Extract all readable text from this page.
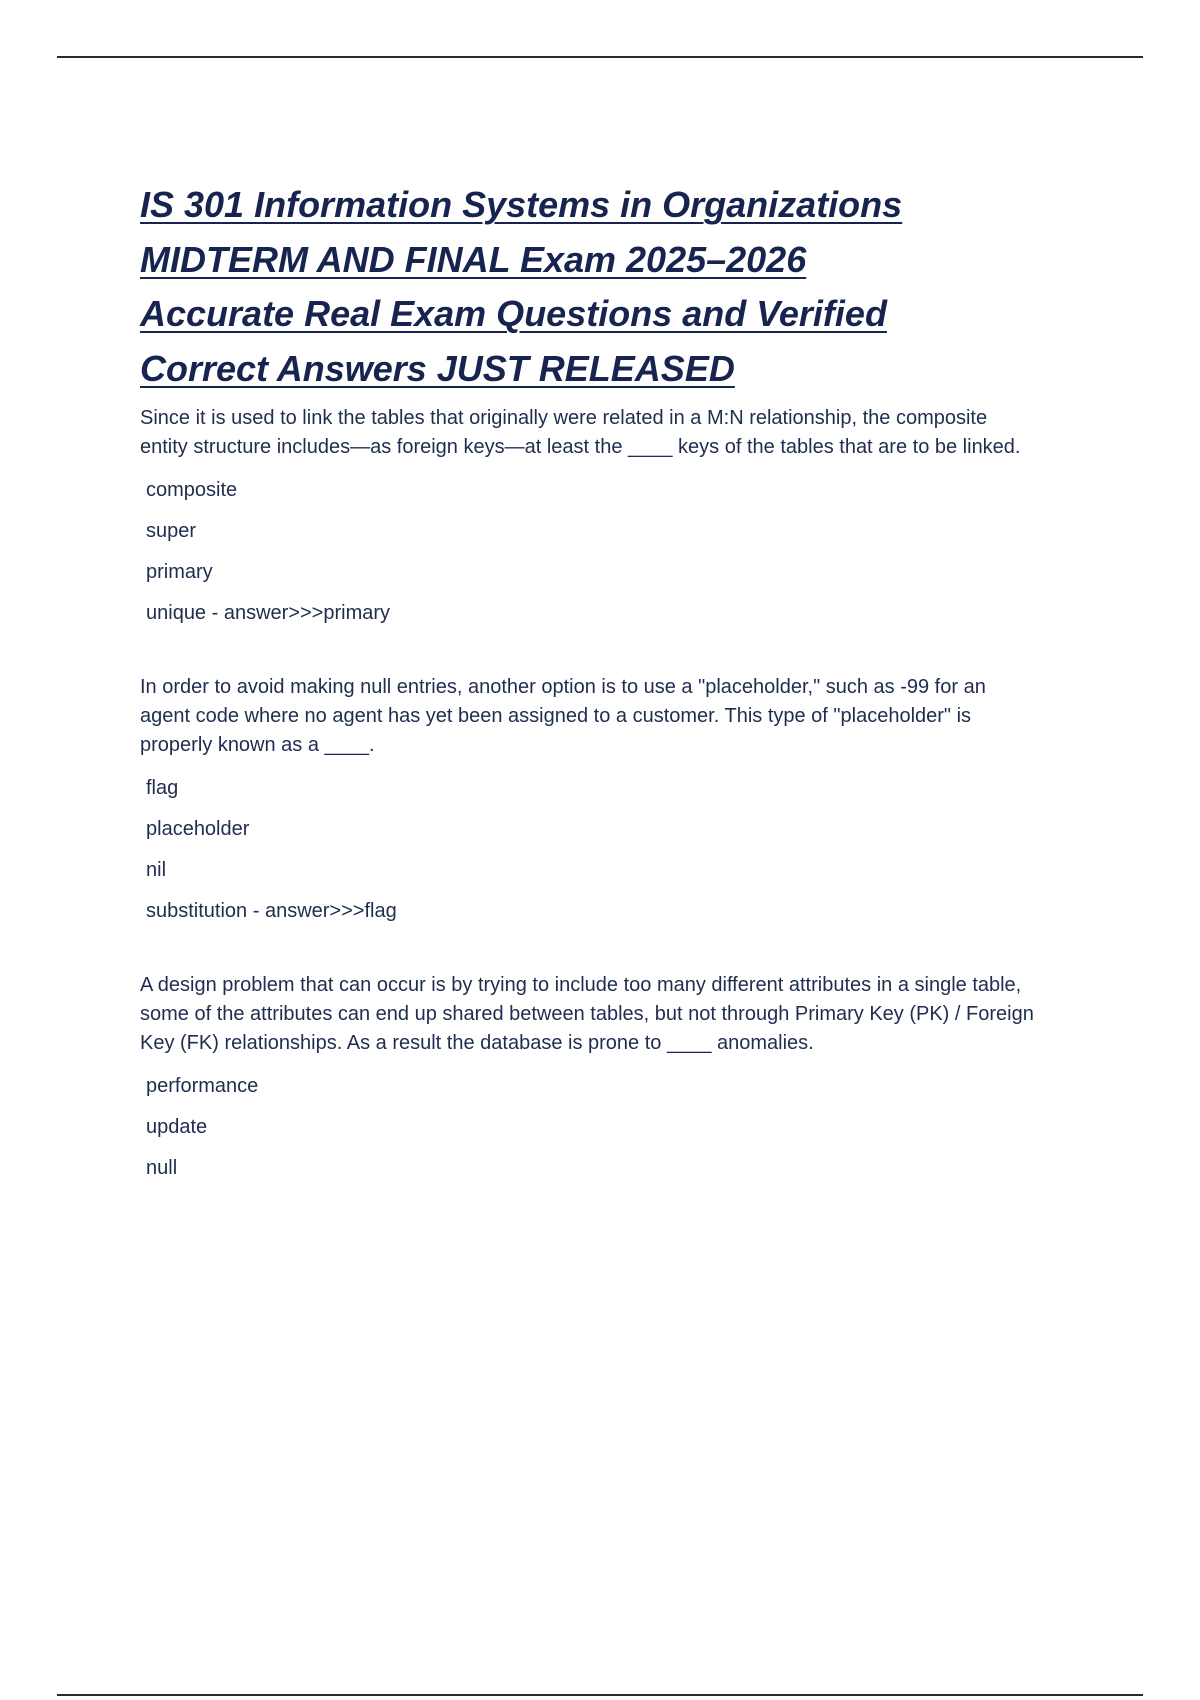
IS 301 Information Systems in Organizations
MIDTERM AND FINAL Exam 2025–2026
Accurate Real Exam Questions and Verified
Correct Answers JUST RELEASED

Since it is used to link the tables that originally were related in a M:N relationship, the composite entity structure includes—as foreign keys—at least the ____ keys of the tables that are to be linked.

composite
super
primary
unique - answer>>>primary

In order to avoid making null entries, another option is to use a "placeholder," such as -99 for an agent code where no agent has yet been assigned to a customer. This type of "placeholder" is properly known as a ____.

flag
placeholder
nil
substitution - answer>>>flag

A design problem that can occur is by trying to include too many different attributes in a single table, some of the attributes can end up shared between tables, but not through Primary Key (PK) / Foreign Key (FK) relationships. As a result the database is prone to ____ anomalies.

performance
update
null
